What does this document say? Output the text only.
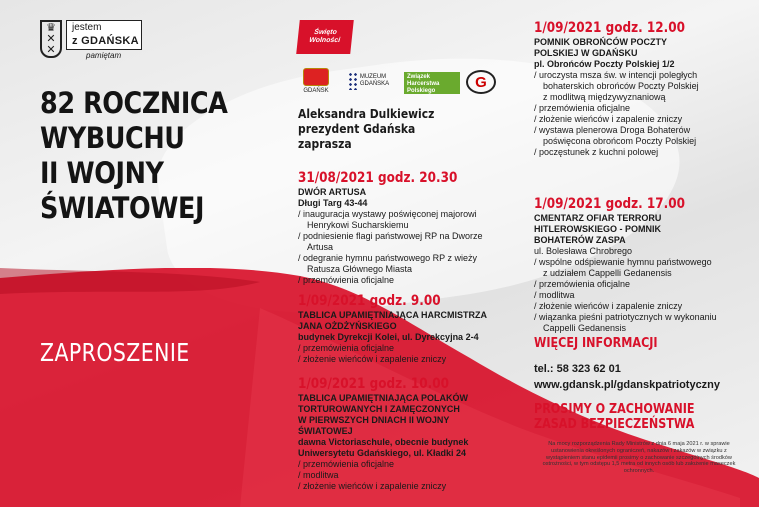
♛
✕
✕
jestem
z GDAŃSKA
pamiętam
82 ROCZNICA
WYBUCHU
II WOJNY
ŚWIATOWEJ
ZAPROSZENIE
Święto Wolności
GDAŃSK
MUZEUM GDAŃSKA
Związek Harcerstwa Polskiego
G
Aleksandra Dulkiewicz
prezydent Gdańska
zaprasza
31/08/2021 godz. 20.30
DWÓR ARTUSA
Długi Targ 43-44
/ inauguracja wystawy poświęconej majorowi
Henrykowi Sucharskiemu
/ podniesienie flagi państwowej RP na Dworze
Artusa
/ odegranie hymnu państwowego RP z wieży
Ratusza Głównego Miasta
/ przemówienia oficjalne
1/09/2021 godz. 9.00
TABLICA UPAMIĘTNIAJĄCA HARCMISTRZA
JANA OŻDŻYŃSKIEGO
budynek Dyrekcji Kolei, ul. Dyrekcyjna 2-4
/ przemówienia oficjalne
/ złożenie wieńców i zapalenie zniczy
1/09/2021 godz. 10.00
TABLICA UPAMIĘTNIAJĄCA POLAKÓW
TORTUROWANYCH I ZAMĘCZONYCH
W PIERWSZYCH DNIACH II WOJNY
ŚWIATOWEJ
dawna Victoriaschule, obecnie budynek
Uniwersytetu Gdańskiego, ul. Kładki 24
/ przemówienia oficjalne
/ modlitwa
/ złożenie wieńców i zapalenie zniczy
1/09/2021 godz. 12.00
POMNIK OBROŃCÓW POCZTY
POLSKIEJ W GDAŃSKU
pl. Obrońców Poczty Polskiej 1/2
/ uroczysta msza św. w intencji poległych
bohaterskich obrońców Poczty Polskiej
z modlitwą międzywyznaniową
/ przemówienia oficjalne
/ złożenie wieńców i zapalenie zniczy
/ wystawa plenerowa Droga Bohaterów
poświęcona obrońcom Poczty Polskiej
/ poczęstunek z kuchni polowej
1/09/2021 godz. 17.00
CMENTARZ OFIAR TERRORU
HITLEROWSKIEGO - POMNIK
BOHATERÓW ZASPA
ul. Bolesława Chrobrego
/ wspólne odśpiewanie hymnu państwowego
z udziałem Cappelli Gedanensis
/ przemówienia oficjalne
/ modlitwa
/ złożenie wieńców i zapalenie zniczy
/ wiązanka pieśni patriotycznych w wykonaniu
Cappelli Gedanensis
WIĘCEJ INFORMACJI
tel.: 58 323 62 01
www.gdansk.pl/gdanskpatriotyczny
PROSIMY O ZACHOWANIE
ZASAD BEZPIECZEŃSTWA
Na mocy rozporządzenia Rady Ministrów z dnia 6 maja 2021 r. w sprawie ustanowienia określonych ograniczeń, nakazów i zakazów w związku z wystąpieniem stanu epidemii prosimy o zachowanie szczególnych środków ostrożności, w tym odstępu 1,5 metra od innych osób lub założenie maseczek ochronnych.
